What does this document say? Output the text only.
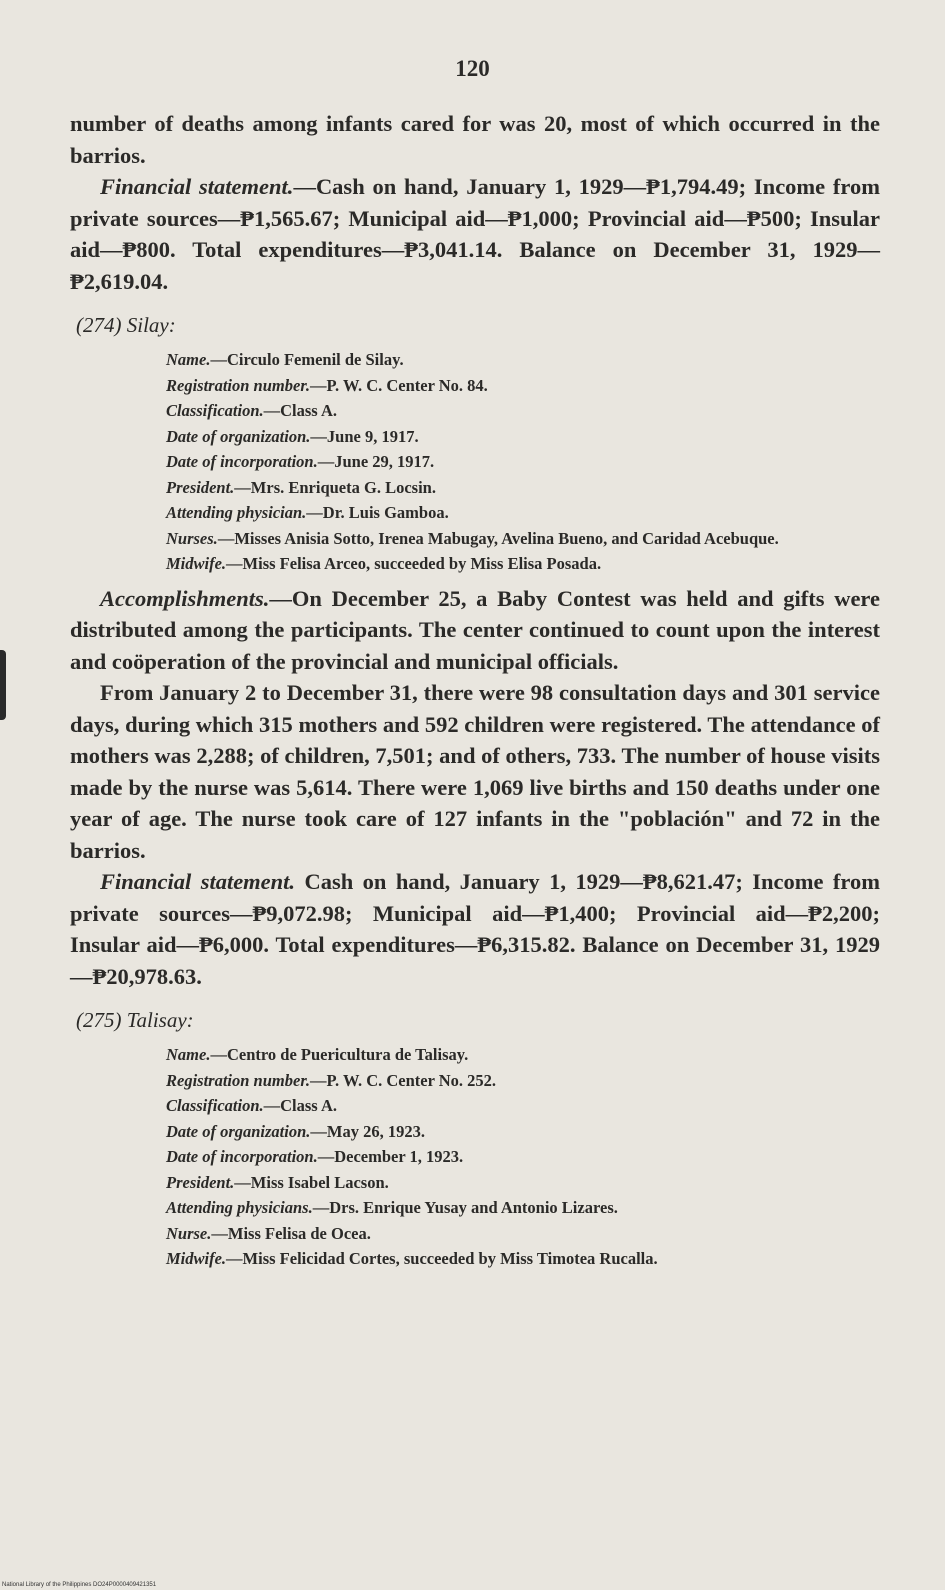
120

number of deaths among infants cared for was 20, most of which occurred in the barrios.

Financial statement.—Cash on hand, January 1, 1929—₱1,794.49; Income from private sources—₱1,565.67; Municipal aid—₱1,000; Provincial aid—₱500; Insular aid—₱800. Total expenditures—₱3,041.14. Balance on December 31, 1929—₱2,619.04.

(274) Silay:
Name.—Circulo Femenil de Silay.
Registration number.—P. W. C. Center No. 84.
Classification.—Class A.
Date of organization.—June 9, 1917.
Date of incorporation.—June 29, 1917.
President.—Mrs. Enriqueta G. Locsin.
Attending physician.—Dr. Luis Gamboa.
Nurses.—Misses Anisia Sotto, Irenea Mabugay, Avelina Bueno, and Caridad Acebuque.
Midwife.—Miss Felisa Arceo, succeeded by Miss Elisa Posada.

Accomplishments.—On December 25, a Baby Contest was held and gifts were distributed among the participants. The center continued to count upon the interest and coöperation of the provincial and municipal officials.

From January 2 to December 31, there were 98 consultation days and 301 service days, during which 315 mothers and 592 children were registered. The attendance of mothers was 2,288; of children, 7,501; and of others, 733. The number of house visits made by the nurse was 5,614. There were 1,069 live births and 150 deaths under one year of age. The nurse took care of 127 infants in the "población" and 72 in the barrios.

Financial statement. Cash on hand, January 1, 1929—₱8,621.47; Income from private sources—₱9,072.98; Municipal aid—₱1,400; Provincial aid—₱2,200; Insular aid—₱6,000. Total expenditures—₱6,315.82. Balance on December 31, 1929—₱20,978.63.

(275) Talisay:
Name.—Centro de Puericultura de Talisay.
Registration number.—P. W. C. Center No. 252.
Classification.—Class A.
Date of organization.—May 26, 1923.
Date of incorporation.—December 1, 1923.
President.—Miss Isabel Lacson.
Attending physicians.—Drs. Enrique Yusay and Antonio Lizares.
Nurse.—Miss Felisa de Ocea.
Midwife.—Miss Felicidad Cortes, succeeded by Miss Timotea Rucalla.
National Library of the Philippines DO24P0000409421351
